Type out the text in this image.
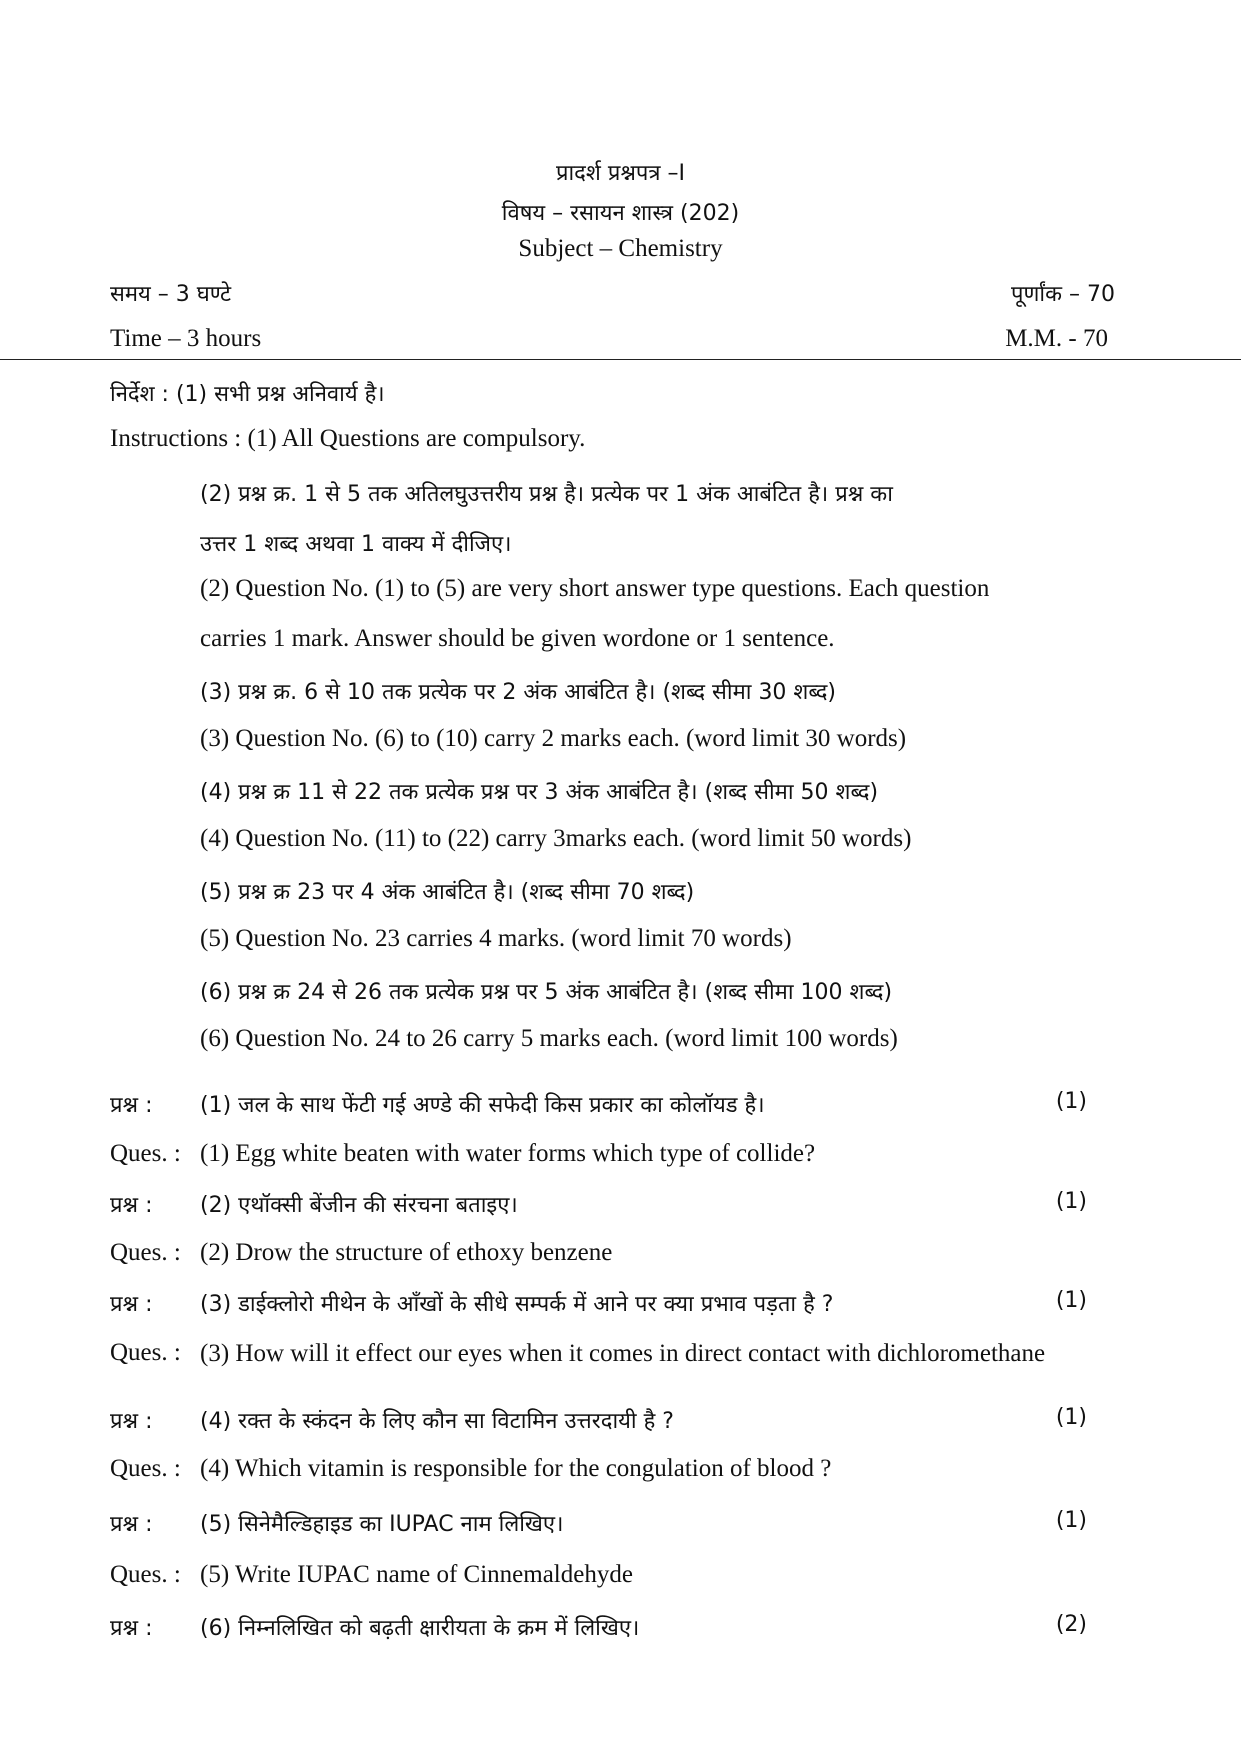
प्रादर्श प्रश्नपत्र –I
विषय – रसायन शास्त्र (202)
Subject – Chemistry
समय – 3 घण्टे	पूर्णांक – 70
Time – 3 hours	M.M. - 70
निर्देश : (1) सभी प्रश्न अनिवार्य है।
Instructions : (1) All Questions are compulsory.
(2) प्रश्न क्र. 1 से 5 तक अतिलघुउत्तरीय प्रश्न है। प्रत्येक पर 1 अंक आबंटित है। प्रश्न का
उत्तर 1 शब्द अथवा 1 वाक्य में दीजिए।
(2) Question No. (1) to (5) are very short answer type questions. Each question
carries 1 mark. Answer should be given wordone or 1 sentence.
(3) प्रश्न क्र. 6 से 10 तक प्रत्येक पर 2 अंक आबंटित है। (शब्द सीमा 30 शब्द)
(3) Question No. (6) to (10) carry 2 marks each. (word limit 30 words)
(4) प्रश्न क्र 11 से 22 तक प्रत्येक प्रश्न पर 3 अंक आबंटित है। (शब्द सीमा 50 शब्द)
(4) Question No. (11) to (22) carry 3marks each. (word limit 50 words)
(5) प्रश्न क्र 23 पर 4 अंक आबंटित है। (शब्द सीमा 70 शब्द)
(5) Question No. 23 carries 4 marks. (word limit 70 words)
(6) प्रश्न क्र 24 से 26 तक प्रत्येक प्रश्न पर 5 अंक आबंटित है। (शब्द सीमा 100 शब्द)
(6) Question No. 24 to 26 carry 5 marks each. (word limit 100 words)
प्रश्न : (1) जल के साथ फेंटी गई अण्डे की सफेदी किस प्रकार का कोलॉयड है।	(1)
Ques. : (1) Egg white beaten with water forms which type of collide?
प्रश्न : (2) एथॉक्सी बेंजीन की संरचना बताइए।	(1)
Ques. : (2) Drow the structure of ethoxy benzene
प्रश्न : (3) डाईक्लोरो मीथेन के आँखों के सीधे सम्पर्क में आने पर क्या प्रभाव पड़ता है ?	(1)
Ques. : (3) How will it effect our eyes when it comes in direct contact with dichloromethane
प्रश्न : (4) रक्त के स्कंदन के लिए कौन सा विटामिन उत्तरदायी है ?	(1)
Ques. : (4) Which vitamin is responsible for the congulation of blood ?
प्रश्न : (5) सिनेमैल्डिहाइड का IUPAC नाम लिखिए।	(1)
Ques. : (5) Write IUPAC name of Cinnemaldehyde
प्रश्न : (6) निम्नलिखित को बढ़ती क्षारीयता के क्रम में लिखिए।	(2)
